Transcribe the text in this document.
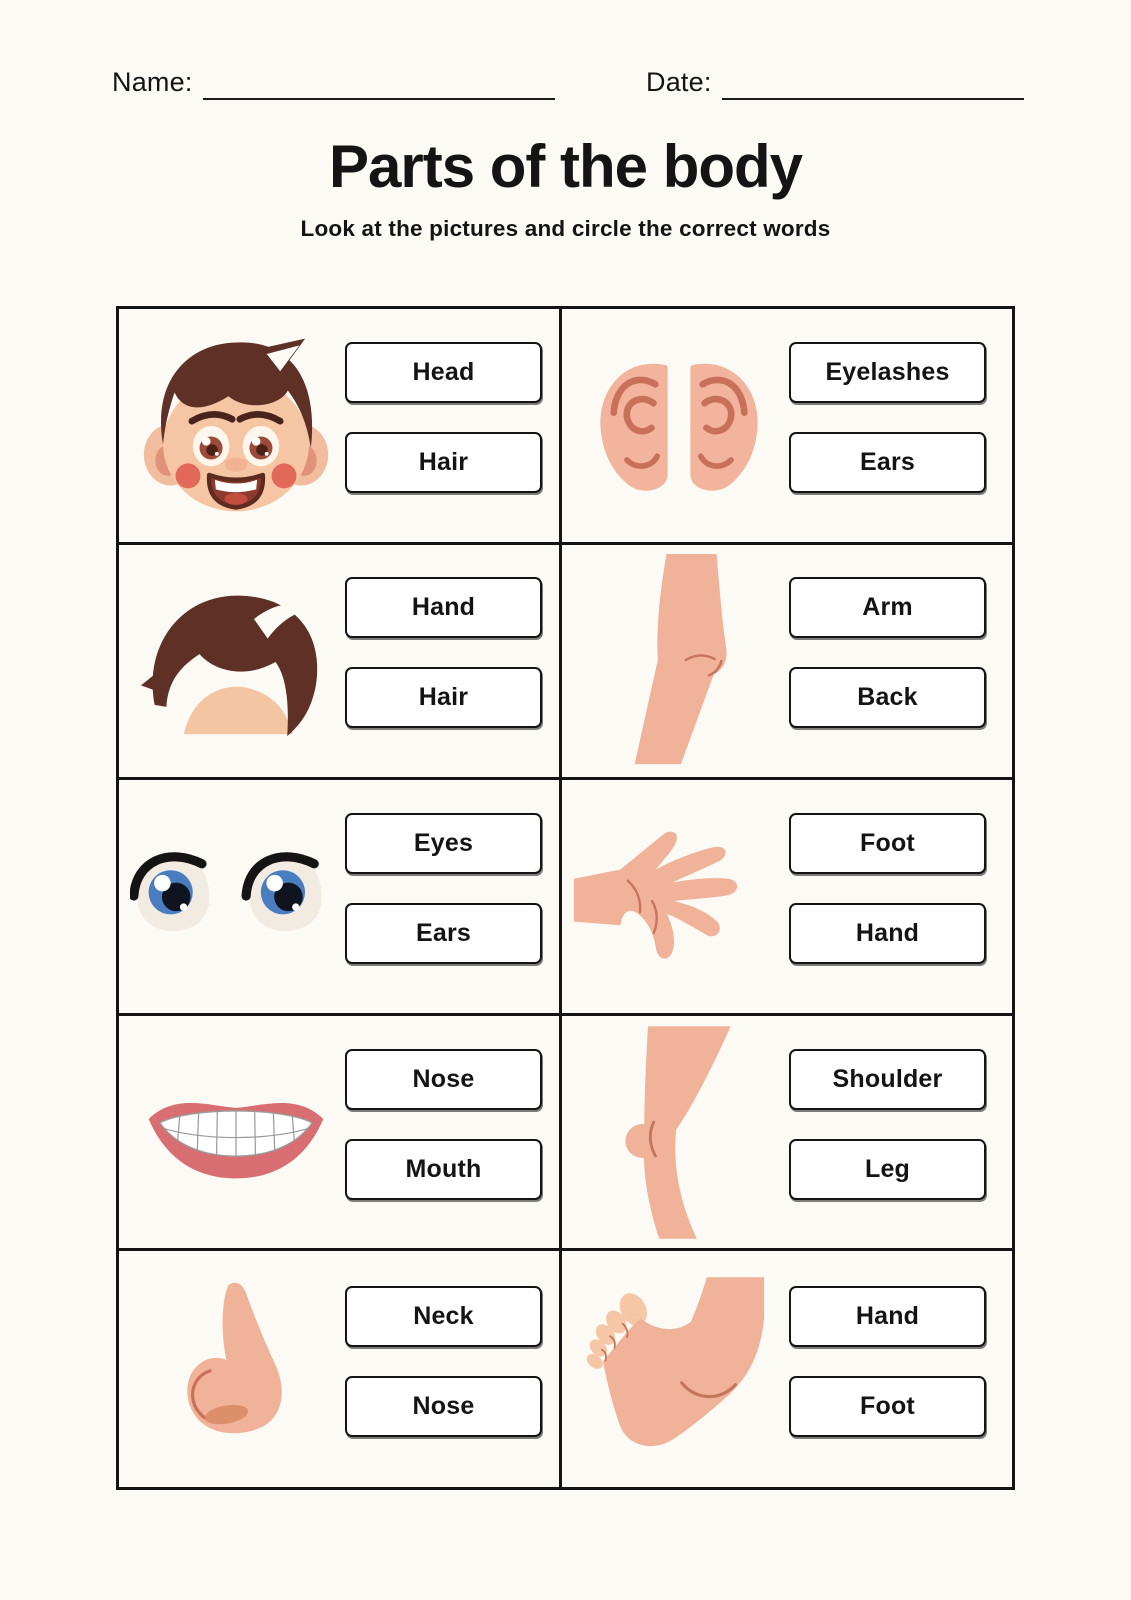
Name:	Date:
Parts of the body
Look at the pictures and circle the correct words
Head
Hair
Eyelashes
Ears
Hand
Hair
Arm
Back
Eyes
Ears
Foot
Hand
Nose
Mouth
Shoulder
Leg
Neck
Nose
Hand
Foot
